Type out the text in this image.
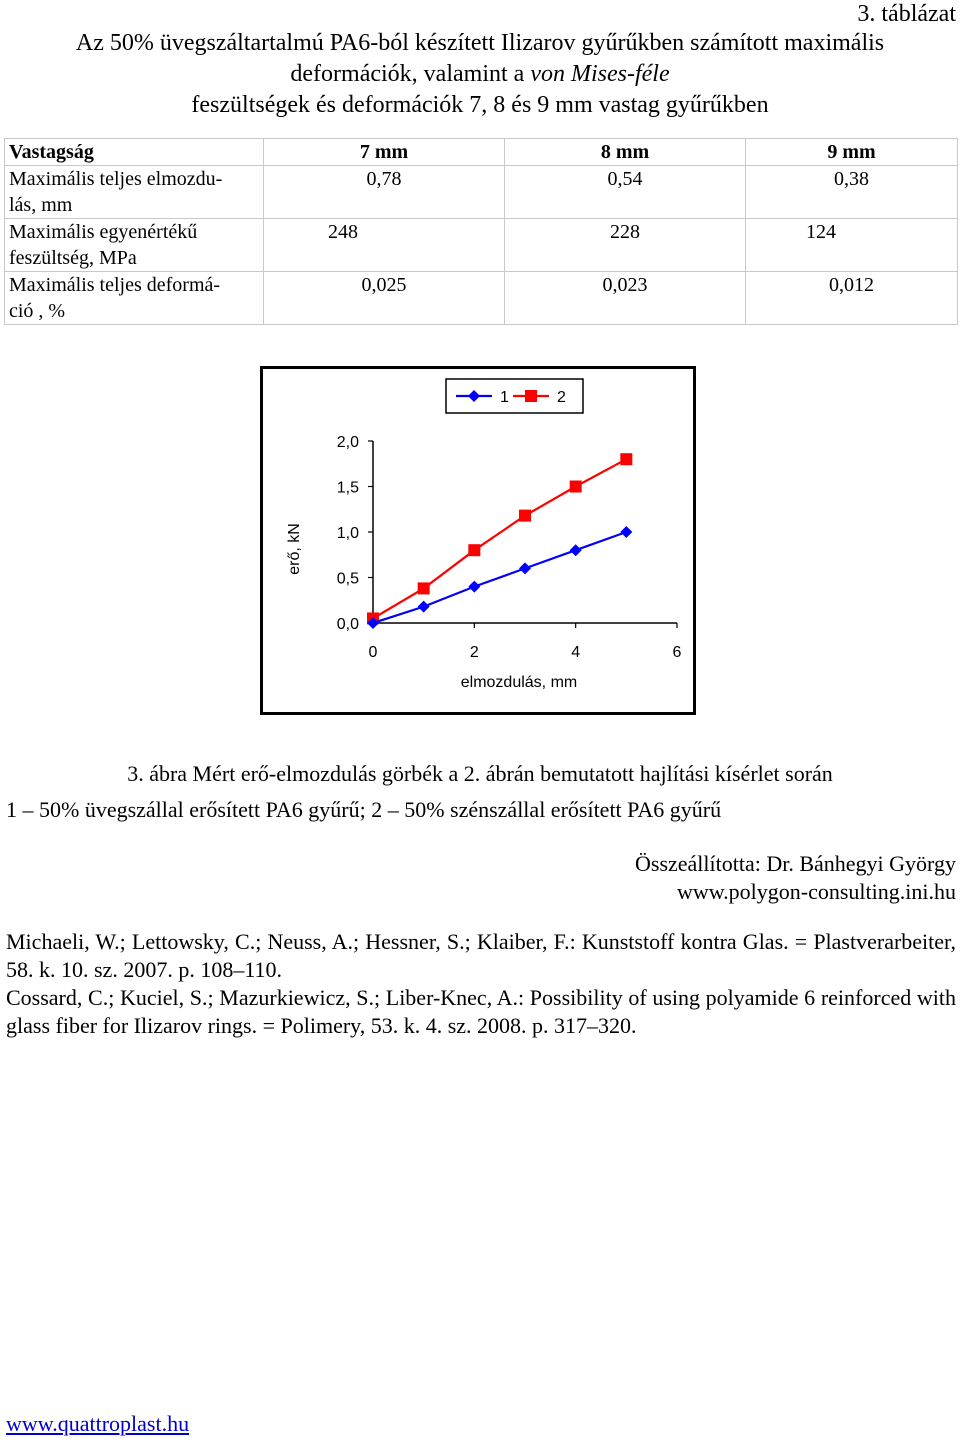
3. táblázat
Az 50% üvegszáltartalmú PA6-ból készített Ilizarov gyűrűkben számított maximális
deformációk, valamint a von Mises-féle
feszültségek és deformációk 7, 8 és 9 mm vastag gyűrűkben
Vastagság	7 mm	8 mm	9 mm

Maximális teljes elmozdu-
lás, mm	0,78	0,54	0,38

Maximális egyenértékű
feszültség, MPa	248	228	124

Maximális teljes deformá-
ció , %	0,025	0,023	0,012
1	2
0,0
0,5
1,0
1,5
2,0
0	2	4	6
erő, kN
elmozdulás, mm
3. ábra Mért erő-elmozdulás görbék a 2. ábrán bemutatott hajlítási kísérlet során
1 – 50% üvegszállal erősített PA6 gyűrű; 2 – 50% szénszállal erősített PA6 gyűrű
Összeállította: Dr. Bánhegyi György
www.polygon-consulting.ini.hu

Michaeli, W.; Lettowsky, C.; Neuss, A.; Hessner, S.; Klaiber, F.: Kunststoff kontra Glas. = Plastverarbeiter, 58. k. 10. sz. 2007. p. 108–110.

Cossard, C.; Kuciel, S.; Mazurkiewicz, S.; Liber-Knec, A.: Possibility of using polyamide 6 reinforced with glass fiber for Ilizarov rings. = Polimery, 53. k. 4. sz. 2008. p. 317–320.

www.quattroplast.hu
